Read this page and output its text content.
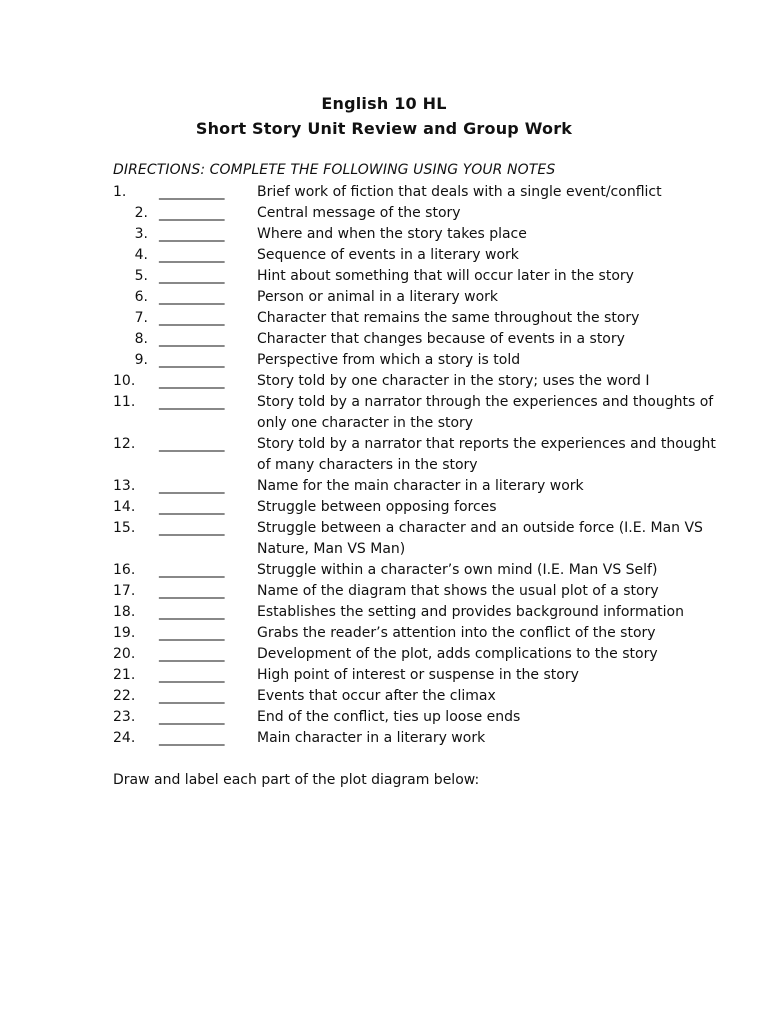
English 10 HL
Short Story Unit Review and Group Work
DIRECTIONS: COMPLETE THE FOLLOWING USING YOUR NOTES
1.	__________ Brief work of fiction that deals with a single event/conflict
2. __________ Central message of the story
3. __________ Where and when the story takes place
4. __________ Sequence of events in a literary work
5. __________ Hint about something that will occur later in the story
6. __________ Person or animal in a literary work
7. __________ Character that remains the same throughout the story
8. __________ Character that changes because of events in a story
9. __________ Perspective from which a story is told
10.	__________ Story told by one character in the story; uses the word I
11.	__________ Story told by a narrator through the experiences and thoughts of only one character in the story
12.	__________ Story told by a narrator that reports the experiences and thought of many characters in the story
13.	__________ Name for the main character in a literary work
14.	__________ Struggle between opposing forces
15.	__________ Struggle between a character and an outside force (I.E. Man VS Nature, Man VS Man)
16.	__________ Struggle within a character’s own mind (I.E. Man VS Self)
17.	__________ Name of the diagram that shows the usual plot of a story
18.	__________ Establishes the setting and provides background information
19.	__________ Grabs the reader’s attention into the conflict of the story
20.	__________ Development of the plot, adds complications to the story
21.	__________ High point of interest or suspense in the story
22.	__________ Events that occur after the climax
23.	__________ End of the conflict, ties up loose ends
24.	__________ Main character in a literary work
Draw and label each part of the plot diagram below:
